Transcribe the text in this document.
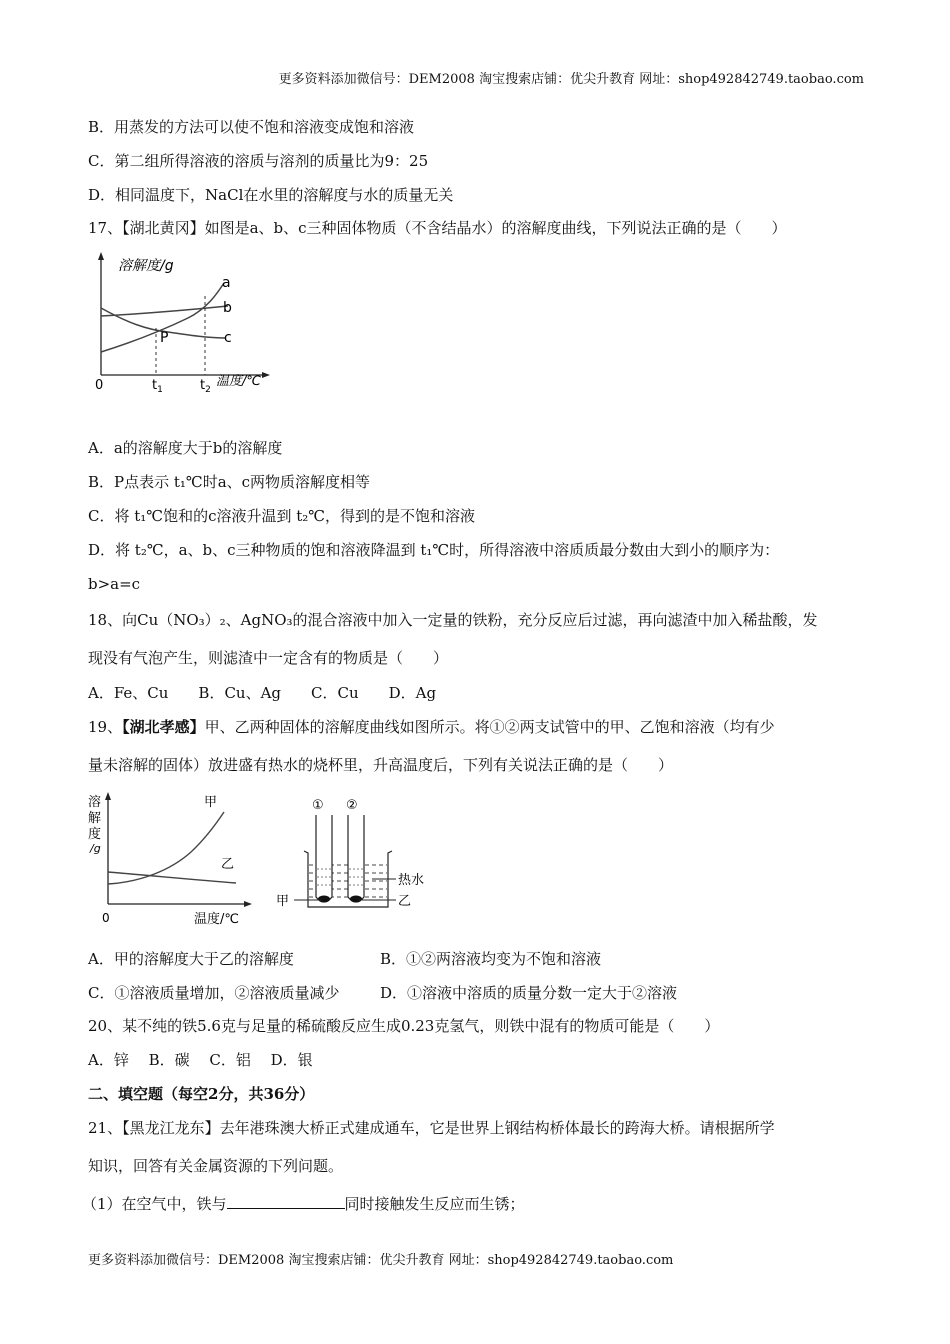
更多资料添加微信号：DEM2008 淘宝搜索店铺：优尖升教育 网址：shop492842749.taobao.com
B．用蒸发的方法可以使不饱和溶液变成饱和溶液
C．第二组所得溶液的溶质与溶剂的质量比为9：25
D．相同温度下，NaCl在水里的溶解度与水的质量无关
17、【湖北黄冈】如图是a、b、c三种固体物质（不含结晶水）的溶解度曲线，下列说法正确的是（　　）
溶解度/g
a
b
c
P
0	$t_1$	$t_2$
温度/℃
A．a的溶解度大于b的溶解度
B．P点表示 t₁℃时a、c两物质溶解度相等
C．将 t₁℃饱和的c溶液升温到 t₂℃，得到的是不饱和溶液
D．将 t₂℃，a、b、c三种物质的饱和溶液降温到 t₁℃时，所得溶液中溶质质最分数由大到小的顺序为：
b>a=c
18、向Cu（NO₃）₂、AgNO₃的混合溶液中加入一定量的铁粉，充分反应后过滤，再向滤渣中加入稀盐酸，发
现没有气泡产生，则滤渣中一定含有的物质是（　　）
A．Fe、Cu　　B．Cu、Ag　　C．Cu　　D．Ag
19、【湖北孝感】甲、乙两种固体的溶解度曲线如图所示。将①②两支试管中的甲、乙饱和溶液（均有少
量未溶解的固体）放进盛有热水的烧杯里，升高温度后，下列有关说法正确的是（　　）
溶
解
度
/g
甲
乙
0	温度/℃
① ②
热水
甲	乙
A．甲的溶解度大于乙的溶解度	B．①②两溶液均变为不饱和溶液
C．①溶液质量增加，②溶液质量减少	D．①溶液中溶质的质量分数一定大于②溶液
20、某不纯的铁5.6克与足量的稀硫酸反应生成0.23克氢气，则铁中混有的物质可能是（　　）
A．锌　 B．碳　 C．铝　 D．银
二、填空题（每空2分，共36分）
21、【黑龙江龙东】去年港珠澳大桥正式建成通车，它是世界上钢结构桥体最长的跨海大桥。请根据所学
知识，回答有关金属资源的下列问题。
（1）在空气中，铁与	同时接触发生反应而生锈；
更多资料添加微信号：DEM2008 淘宝搜索店铺：优尖升教育 网址：shop492842749.taobao.com
